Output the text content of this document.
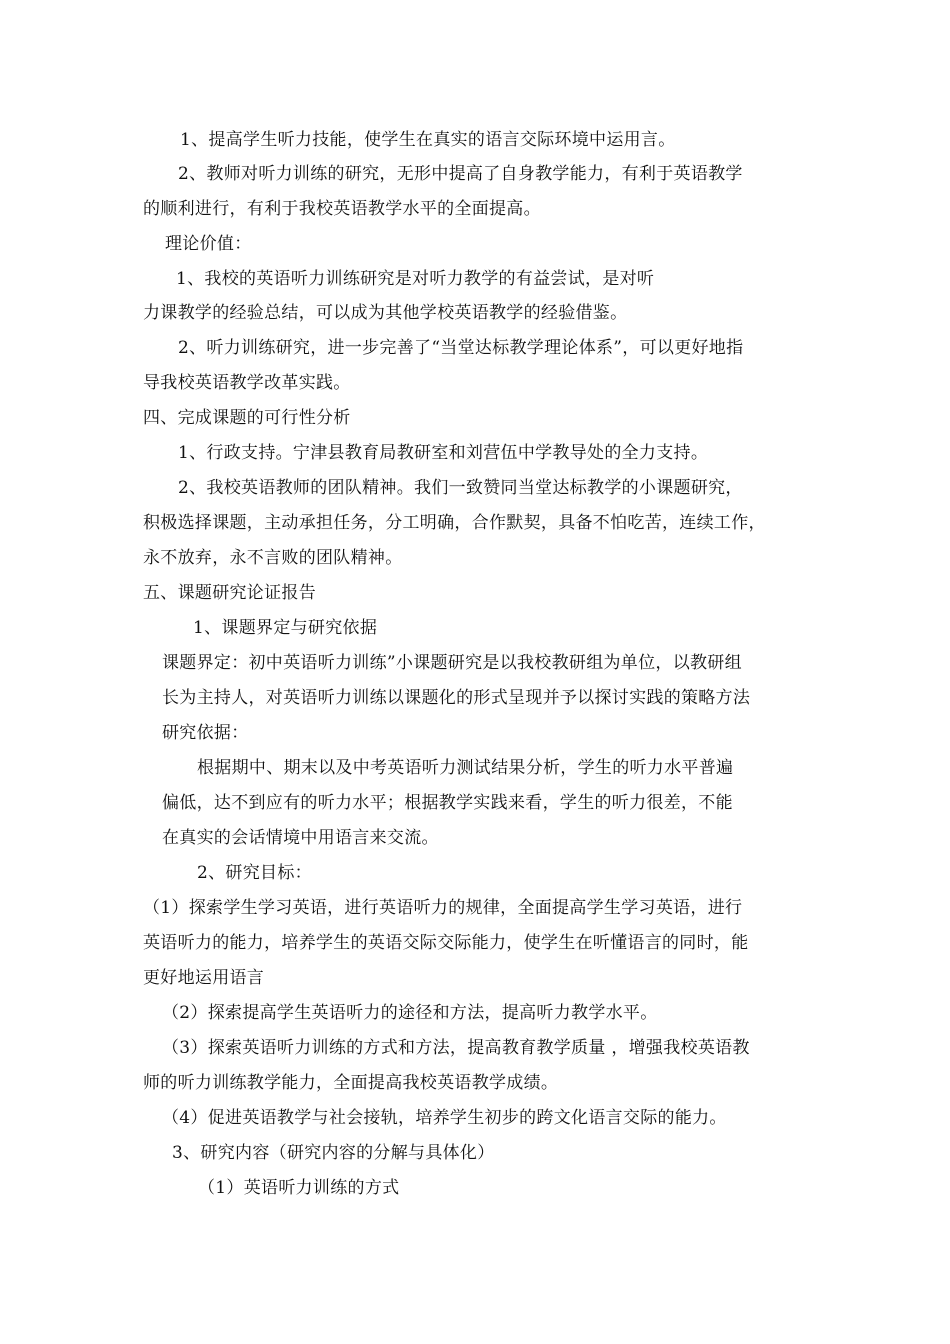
1、提高学生听力技能，使学生在真实的语言交际环境中运用言。
2、教师对听力训练的研究，无形中提高了自身教学能力，有利于英语教学
的顺利进行，有利于我校英语教学水平的全面提高。
理论价值：
1、我校的英语听力训练研究是对听力教学的有益尝试，是对听
力课教学的经验总结，可以成为其他学校英语教学的经验借鉴。
2、听力训练研究，进一步完善了“当堂达标教学理论体系”，可以更好地指
导我校英语教学改革实践。
四、完成课题的可行性分析
1、行政支持。宁津县教育局教研室和刘营伍中学教导处的全力支持。
2、我校英语教师的团队精神。我们一致赞同当堂达标教学的小课题研究，
积极选择课题，主动承担任务，分工明确，合作默契，具备不怕吃苦，连续工作，
永不放弃，永不言败的团队精神。
五、课题研究论证报告
1、课题界定与研究依据
课题界定：初中英语听力训练”小课题研究是以我校教研组为单位，以教研组
长为主持人，对英语听力训练以课题化的形式呈现并予以探讨实践的策略方法
研究依据：
根据期中、期末以及中考英语听力测试结果分析，学生的听力水平普遍
偏低，达不到应有的听力水平；根据教学实践来看，学生的听力很差，不能
在真实的会话情境中用语言来交流。
2、研究目标：
（1）探索学生学习英语，进行英语听力的规律，全面提高学生学习英语，进行
英语听力的能力，培养学生的英语交际交际能力，使学生在听懂语言的同时，能
更好地运用语言
（2）探索提高学生英语听力的途径和方法，提高听力教学水平。
（3）探索英语听力训练的方式和方法，提高教育教学质量 ，增强我校英语教
师的听力训练教学能力，全面提高我校英语教学成绩。
（4）促进英语教学与社会接轨，培养学生初步的跨文化语言交际的能力。
3、研究内容（研究内容的分解与具体化）
（1）英语听力训练的方式
